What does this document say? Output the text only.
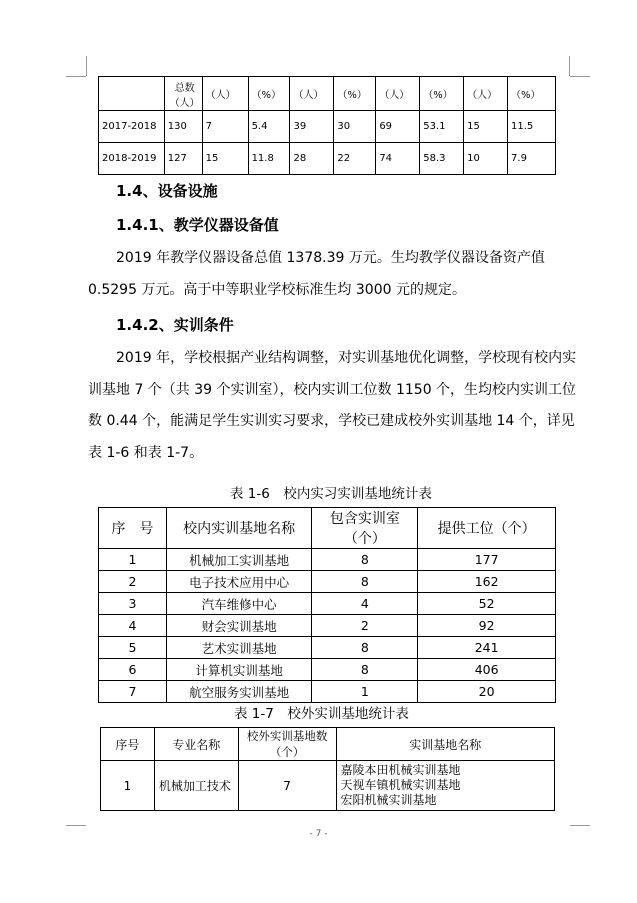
	总数（人）	（人）	（%）	（人）	（%）	（人）	（%）	（人）	（%）
2017-2018	130	7	5.4	39	30	69	53.1	15	11.5
2018-2019	127	15	11.8	28	22	74	58.3	10	7.9
1.4、设备设施
1.4.1、教学仪器设备值

2019 年教学仪器设备总值 1378.39 万元。生均教学仪器设备资产值 0.5295 万元。高于中等职业学校标准生均 3000 元的规定。

1.4.2、实训条件

2019 年，学校根据产业结构调整，对实训基地优化调整，学校现有校内实训基地 7 个（共 39 个实训室），校内实训工位数 1150 个，生均校内实训工位数 0.44 个，能满足学生实训实习要求，学校已建成校外实训基地 14 个，详见表 1-6 和表 1-7。

表 1-6　校内实习实训基地统计表
序　号	校内实训基地名称	包含实训室（个）	提供工位（个）
1	机械加工实训基地	8	177
2	电子技术应用中心	8	162
3	汽车维修中心	4	52
4	财会实训基地	2	92
5	艺术实训基地	8	241
6	计算机实训基地	8	406
7	航空服务实训基地	1	20
表 1-7　校外实训基地统计表
序号	专业名称	校外实训基地数（个）	实训基地名称
1	机械加工技术	7	嘉陵本田机械实训基地
天视车镇机械实训基地
宏阳机械实训基地
- 7 -
